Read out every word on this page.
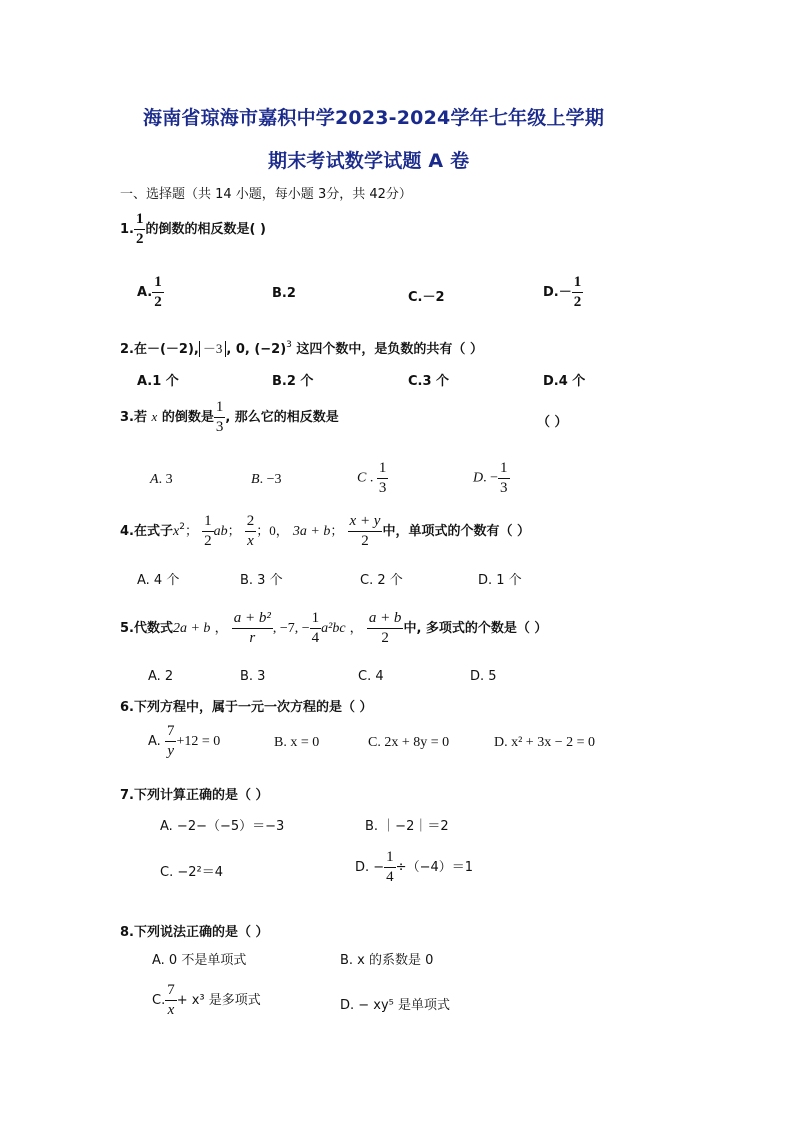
海南省琼海市嘉积中学2023-2024学年七年级上学期
期末考试数学试题 A 卷
一、选择题（共 14 小题，每小题 3分，共 42分）
1. $\frac{1}{2}$ 的倒数的相反数是( )
A. $\frac{1}{2}$	B.2	C.－2	$D.- \frac{1}{2}$
2.在－(－2), －3 , 0, $(-2)^3$ 这四个数中，是负数的共有（ ）
A.1 个	B.2 个	C.3 个	D.4 个
3.若 x 的倒数是 $\frac{1}{3}$ , 那么它的相反数是	（ ）
A. 3	B. −3	C . $\frac{1}{3}$	D. − $\frac{1}{3}$
4.在式子$x^2$； $\frac{1}{2}$ ab； $\frac{2}{x}$ ；0， 3a + b； $\frac{x + y}{2}$ 中，单项式的个数有（ ）
A. 4 个	B. 3 个	C. 2 个	D. 1 个
5.代数式2a + b ， $\frac{\text{a + b²}}{r}$ , −7, − $\frac{1}{4} a^2bc$ ， $\frac{a + b}{2}$ 中, 多项式的个数是（ ）
A. 2	B. 3	C. 4	D. 5
6.下列方程中，属于一元一次方程的是（ ）
A. $\frac{7}{y} +12 = 0$	B. x = 0	C. 2x + 8y = 0	D. x² + 3x − 2 = 0
7.下列计算正确的是（ ）
A. −2−（−5）＝−3	B. ｜−2｜＝2
C. −2²＝4	D. − $\frac{1}{4} \div(-4)=1$
8.下列说法正确的是（ ）
A. 0 不是单项式	B. x 的系数是 0
C. $\frac{7}{x} + x^3$ 是多项式	D. − xy⁵ 是单项式
